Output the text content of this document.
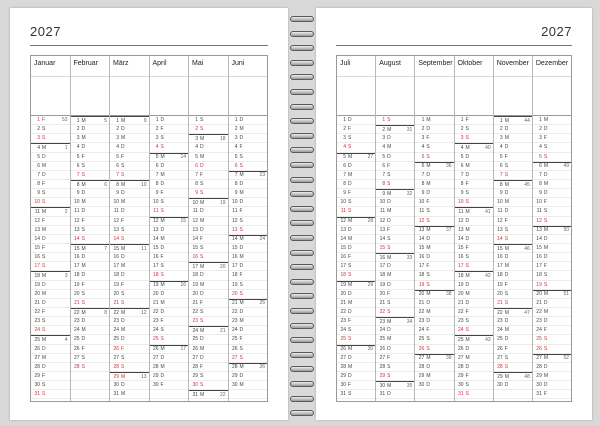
2027
Januar
1 F	53
2 S
3 S
4 M	1
5 D
6 M
7 D
8 F
9 S
10 S
11 M	2
12 F
13 M
14 D
15 F
16 S
17 S
18 M	3
19 D
20 M
21 D
22 F
23 S
24 S
25 M	4
26 D
27 M
28 D
29 F
30 S
31 S
Februar
1 M	5
2 D
3 M
4 D
5 F
6 S
7 S
8 M	6
9 D
10 M
11 D
12 F
13 S
14 S
15 M	7
16 D
17 M
18 D
19 F
20 S
21 S
22 M	8
23 D
24 M
25 D
26 F
27 S
28 S
März
1 M	9
2 D
3 M
4 D
5 F
6 S
7 S
8 M	10
9 D
10 M
11 D
12 F
13 S
14 S
15 M	11
16 D
17 M
18 D
19 F
20 S
21 S
22 M	12
23 D
24 M
25 D
26 F
27 S
28 S
29 M	13
30 D
31 M
April
1 D
2 F
3 S
4 S
5 M	14
6 D
7 M
8 D
9 F
10 S
11 S
12 M	15
13 D
14 M
15 D
16 F
17 S
18 S
19 M	16
20 D
21 M
22 D
23 F
24 S
25 S
26 M	17
27 D
28 M
29 D
30 F
Mai
1 S
2 S
3 M	18
4 D
5 M
6 D
7 F
8 S
9 S
10 M	19
11 D
12 M
13 D
14 F
15 S
16 S
17 M	20
18 D
19 M
20 D
21 F
22 S
23 S
24 M	21
25 D
26 M
27 D
28 F
29 S
30 S
31 M	22
Juni
1 D
2 M
3 D
4 F
5 S
6 S
7 M	23
8 D
9 M
10 D
11 F
12 S
13 S
14 M	24
15 D
16 M
17 D
18 F
19 S
20 S
21 M	25
22 D
23 M
24 D
25 F
26 S
27 S
28 M	26
29 D
30 M
2027
Juli
1 D
2 F
3 S
4 S
5 M	27
6 D
7 M
8 D
9 F
10 S
11 S
12 M	28
13 D
14 M
15 D
16 F
17 S
18 S
19 M	29
20 D
21 M
22 D
23 F
24 S
25 S
26 M	30
27 D
28 M
29 D
30 F
31 S
August
1 S
2 M	31
3 D
4 M
5 D
6 F
7 S
8 S
9 M	32
10 D
11 M
12 D
13 F
14 S
15 S
16 M	33
17 D
18 M
19 D
20 F
21 S
22 S
23 M	34
24 D
25 M
26 D
27 F
28 S
29 S
30 M	35
31 D
September
1 M
2 D
3 F
4 S
5 S
6 M	36
7 D
8 M
9 D
10 F
11 S
12 S
13 M	37
14 D
15 M
16 D
17 F
18 S
19 S
20 M	38
21 D
22 M
23 D
24 F
25 S
26 S
27 M	39
28 D
29 M
30 D
Oktober
1 F
2 S
3 S
4 M	40
5 D
6 M
7 D
8 F
9 S
10 S
11 M	41
12 D
13 M
14 D
15 F
16 S
17 S
18 M	42
19 D
20 M
21 D
22 F
23 S
24 S
25 M	43
26 D
27 M
28 D
29 F
30 S
31 S
November
1 M	44
2 D
3 M
4 D
5 F
6 S
7 S
8 M	45
9 D
10 M
11 D
12 F
13 S
14 S
15 M	46
16 D
17 M
18 D
19 F
20 S
21 S
22 M	47
23 D
24 M
25 D
26 F
27 S
28 S
29 M	48
30 D
Dezember
1 M
2 D
3 F
4 S
5 S
6 M	49
7 D
8 M
9 D
10 F
11 S
12 S
13 M	50
14 D
15 M
16 D
17 F
18 S
19 S
20 M	51
21 D
22 M
23 D
24 F
25 S
26 S
27 M	52
28 D
29 M
30 D
31 F
